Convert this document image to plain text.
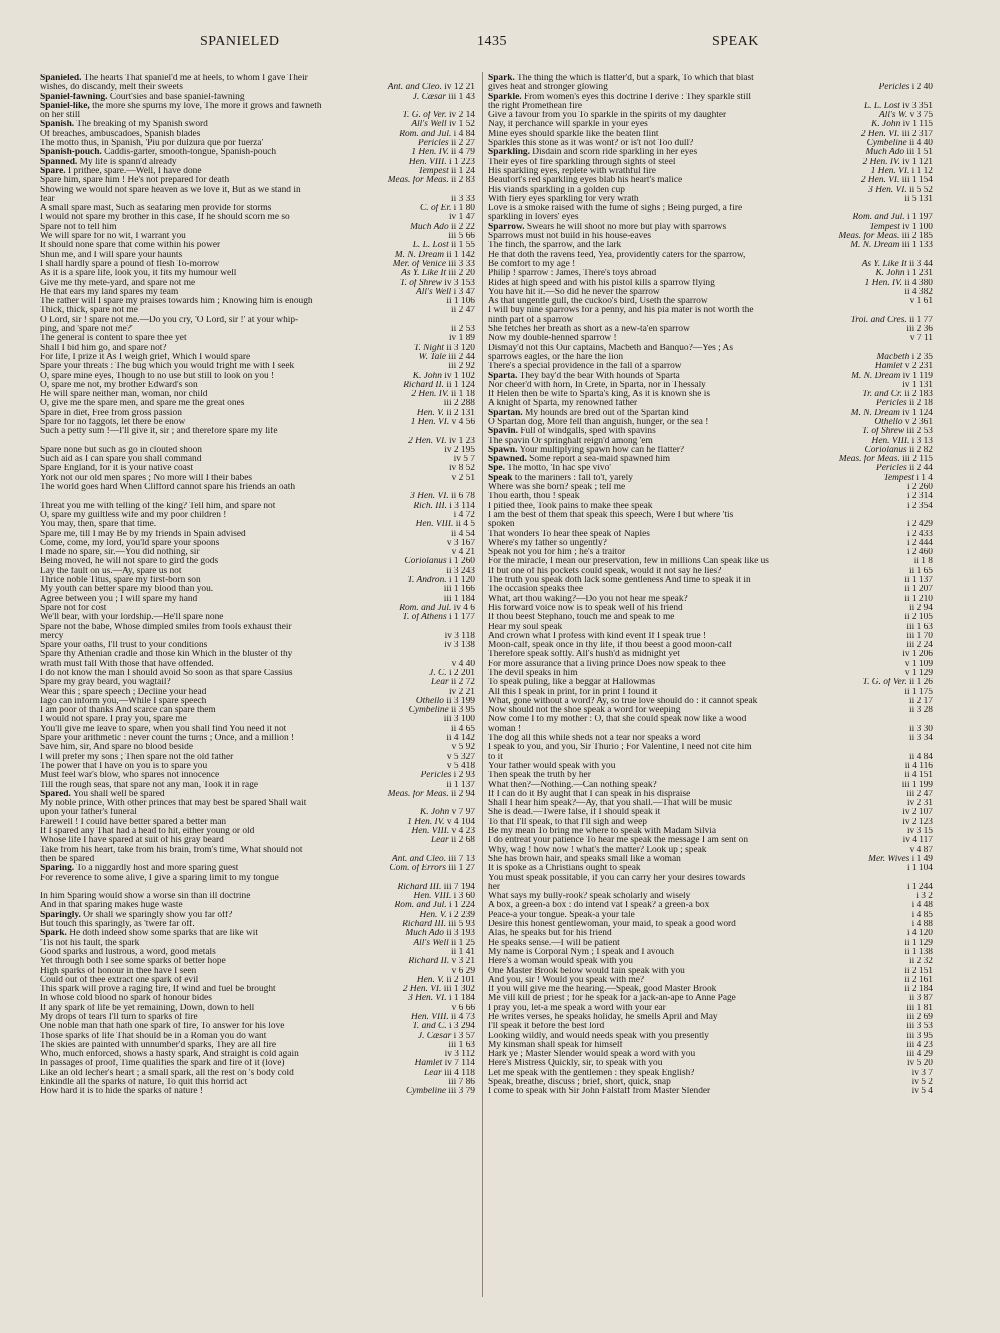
SPANIELED	1435	SPEAK
Spanieled. The hearts That spaniel'd me at heels, to whom I gave Their
wishes, do discandy, melt their sweets	Ant. and Cleo. iv 12 21
Spaniel-fawning. Court'sies and base spaniel-fawning	J. Cæsar iii 1 43
Spaniel-like, the more she spurns my love, The more it grows and fawneth
on her still	T. G. of Ver. iv 2 14
Spanish. The breaking of my Spanish sword	All's Well iv 1 52
Of breaches, ambuscadoes, Spanish blades	Rom. and Jul. i 4 84
The motto thus, in Spanish, 'Piu por dulzura que por fuerza'	Pericles ii 2 27
Spanish-pouch. Caddis-garter, smooth-tongue, Spanish-pouch	1 Hen. IV. ii 4 79
Spanned. My life is spann'd already	Hen. VIII. i 1 223
Spare. I prithee, spare.—Well, I have done	Tempest ii 1 24
Spare him, spare him ! He's not prepared for death	Meas. for Meas. ii 2 83
Showing we would not spare heaven as we love it, But as we stand in
fear	ii 3 33
A small spare mast, Such as seafaring men provide for storms	C. of Er. i 1 80
I would not spare my brother in this case, If he should scorn me so	iv 1 47
Spare not to tell him	Much Ado ii 2 22
We will spare for no wit, I warrant you	iii 5 66
It should none spare that come within his power	L. L. Lost ii 1 55
Shun me, and I will spare your haunts	M. N. Dream ii 1 142
I shall hardly spare a pound of flesh To-morrow	Mer. of Venice iii 3 33
As it is a spare life, look you, it fits my humour well	As Y. Like It iii 2 20
Give me thy mete-yard, and spare not me	T. of Shrew iv 3 153
He that ears my land spares my team	All's Well i 3 47
The rather will I spare my praises towards him ; Knowing him is enough	ii 1 106
Thick, thick, spare not me	ii 2 47
O Lord, sir ! spare not me.—Do you cry, 'O Lord, sir !' at your whip-
ping, and 'spare not me?'	ii 2 53
The general is content to spare thee yet	iv 1 89
Shall I bid him go, and spare not?	T. Night ii 3 120
For life, I prize it As I weigh grief, Which I would spare	W. Tale iii 2 44
Spare your threats : The bug which you would fright me with I seek	iii 2 92
O, spare mine eyes, Though to no use but still to look on you !	K. John iv 1 102
O, spare me not, my brother Edward's son	Richard II. ii 1 124
He will spare neither man, woman, nor child	2 Hen. IV. ii 1 18
O, give me the spare men, and spare me the great ones	iii 2 288
Spare in diet, Free from gross passion	Hen. V. ii 2 131
Spare for no faggots, let there be enow	1 Hen. VI. v 4 56
Such a petty sum !—I'll give it, sir ; and therefore spare my life
2 Hen. VI. iv 1 23
Spare none but such as go in clouted shoon	iv 2 195
Such aid as I can spare you shall command	iv 5 7
Spare England, for it is your native coast	iv 8 52
York not our old men spares ; No more will I their babes	v 2 51
The world goes hard When Clifford cannot spare his friends an oath
3 Hen. VI. ii 6 78
Threat you me with telling of the king? Tell him, and spare not	Rich. III. i 3 114
O, spare my guiltless wife and my poor children !	i 4 72
You may, then, spare that time.	Hen. VIII. ii 4 5
Spare me, till I may Be by my friends in Spain advised	ii 4 54
Come, come, my lord, you'ld spare your spoons	v 3 167
I made no spare, sir.—You did nothing, sir	v 4 21
Being moved, he will not spare to gird the gods	Coriolanus i 1 260
Lay the fault on us.—Ay, spare us not	ii 3 243
Thrice noble Titus, spare my first-born son	T. Andron. i 1 120
My youth can better spare my blood than you.	iii 1 166
Agree between you ; I will spare my hand	iii 1 184
Spare not for cost	Rom. and Jul. iv 4 6
We'll bear, with your lordship.—He'll spare none	T. of Athens i 1 177
Spare not the babe, Whose dimpled smiles from fools exhaust their
mercy	iv 3 118
Spare your oaths, I'll trust to your conditions	iv 3 138
Spare thy Athenian cradle and those kin Which in the bluster of thy
wrath must fall With those that have offended.	v 4 40
I do not know the man I should avoid So soon as that spare Cassius	J. C. i 2 201
Spare my gray beard, you wagtail?	Lear ii 2 72
Wear this ; spare speech ; Decline your head	iv 2 21
Iago can inform you,—While I spare speech	Othello ii 3 199
I am poor of thanks And scarce can spare them	Cymbeline ii 3 95
I would not spare. I pray you, spare me	iii 3 100
You'll give me leave to spare, when you shall find You need it not	ii 4 65
Spare your arithmetic : never count the turns ; Once, and a million !	ii 4 142
Save him, sir, And spare no blood beside	v 5 92
I will prefer my sons ; Then spare not the old father	v 5 327
The power that I have on you is to spare you	v 5 418
Must feel war's blow, who spares not innocence	Pericles i 2 93
Till the rough seas, that spare not any man, Took it in rage	ii 1 137
Spared. You shall well be spared	Meas. for Meas. ii 2 94
My noble prince, With other princes that may best be spared Shall wait
upon your father's funeral	K. John v 7 97
Farewell ! I could have better spared a better man	1 Hen. IV. v 4 104
If I spared any That had a head to hit, either young or old	Hen. VIII. v 4 23
Whose life I have spared at suit of his gray beard	Lear ii 2 68
Take from his heart, take from his brain, from's time, What should not
then be spared	Ant. and Cleo. iii 7 13
Sparing. To a niggardly host and more sparing guest	Com. of Errors iii 1 27
For reverence to some alive, I give a sparing limit to my tongue
Richard III. iii 7 194
In him Sparing would show a worse sin than ill doctrine	Hen. VIII. i 3 60
And in that sparing makes huge waste	Rom. and Jul. i 1 224
Sparingly. Or shall we sparingly show you far off?	Hen. V. i 2 239
But touch this sparingly, as 'twere far off.	Richard III. iii 5 93
Spark. He doth indeed show some sparks that are like wit	Much Ado ii 3 193
'Tis not his fault, the spark	All's Well ii 1 25
Good sparks and lustrous, a word, good metals	ii 1 41
Yet through both I see some sparks of better hope	Richard II. v 3 21
High sparks of honour in thee have I seen	v 6 29
Could out of thee extract one spark of evil	Hen. V. ii 2 101
This spark will prove a raging fire, If wind and fuel be brought	2 Hen. VI. iii 1 302
In whose cold blood no spark of honour bides	3 Hen. VI. i 1 184
If any spark of life be yet remaining, Down, down to hell	v 6 66
My drops of tears I'll turn to sparks of fire	Hen. VIII. ii 4 73
One noble man that hath one spark of fire, To answer for his love	T. and C. i 3 294
Those sparks of life That should be in a Roman you do want	J. Cæsar i 3 57
The skies are painted with unnumber'd sparks, They are all fire	iii 1 63
Who, much enforced, shows a hasty spark, And straight is cold again	iv 3 112
In passages of proof, Time qualifies the spark and fire of it (love)	Hamlet iv 7 114
Like an old lecher's heart ; a small spark, all the rest on 's body cold	Lear iii 4 118
Enkindle all the sparks of nature, To quit this horrid act	iii 7 86
How hard it is to hide the sparks of nature !	Cymbeline iii 3 79
Spark. The thing the which is flatter'd, but a spark, To which that blast
gives heat and stronger glowing	Pericles i 2 40
Sparkle. From women's eyes this doctrine I derive : They sparkle still
the right Promethean fire	L. L. Lost iv 3 351
Give a favour from you To sparkle in the spirits of my daughter	All's W. v 3 75
Nay, it perchance will sparkle in your eyes	K. John iv 1 115
Mine eyes should sparkle like the beaten flint	2 Hen. VI. iii 2 317
Sparkles this stone as it was wont? or is't not Too dull?	Cymbeline ii 4 40
Sparkling. Disdain and scorn ride sparkling in her eyes	Much Ado iii 1 51
Their eyes of fire sparkling through sights of steel	2 Hen. IV. iv 1 121
His sparkling eyes, replete with wrathful fire	1 Hen. VI. i 1 12
Beaufort's red sparkling eyes blab his heart's malice	2 Hen. VI. iii 1 154
His viands sparkling in a golden cup	3 Hen. VI. ii 5 52
With fiery eyes sparkling for very wrath	ii 5 131
Love is a smoke raised with the fume of sighs ; Being purged, a fire
sparkling in lovers' eyes	Rom. and Jul. i 1 197
Sparrow. Swears he will shoot no more but play with sparrows	Tempest iv 1 100
Sparrows must not build in his house-eaves	Meas. for Meas. iii 2 185
The finch, the sparrow, and the lark	M. N. Dream iii 1 133
He that doth the ravens feed, Yea, providently caters for the sparrow,
Be comfort to my age !	As Y. Like It ii 3 44
Philip ! sparrow : James, There's toys abroad	K. John i 1 231
Rides at high speed and with his pistol kills a sparrow flying	1 Hen. IV. ii 4 380
You have hit it.—So did he never the sparrow	ii 4 382
As that ungentle gull, the cuckoo's bird, Useth the sparrow	v 1 61
I will buy nine sparrows for a penny, and his pia mater is not worth the
ninth part of a sparrow	Troi. and Cres. ii 1 77
She fetches her breath as short as a new-ta'en sparrow	iii 2 36
Now my double-henned sparrow !	v 7 11
Dismay'd not this Our captains, Macbeth and Banquo?—Yes ; As
sparrows eagles, or the hare the lion	Macbeth i 2 35
There's a special providence in the fall of a sparrow	Hamlet v 2 231
Sparta. They bay'd the bear With hounds of Sparta	M. N. Dream iv 1 119
Nor cheer'd with horn, In Crete, in Sparta, nor in Thessaly	iv 1 131
If Helen then be wife to Sparta's king, As it is known she is	Tr. and Cr. ii 2 183
A knight of Sparta, my renowned father	Pericles ii 2 18
Spartan. My hounds are bred out of the Spartan kind	M. N. Dream iv 1 124
O Spartan dog, More fell than anguish, hunger, or the sea !	Othello v 2 361
Spavin. Full of windgalls, sped with spavins	T. of Shrew iii 2 53
The spavin Or springhalt reign'd among 'em	Hen. VIII. i 3 13
Spawn. Your multiplying spawn how can he flatter?	Coriolanus ii 2 82
Spawned. Some report a sea-maid spawned him	Meas. for Meas. iii 2 115
Spe. The motto, 'In hac spe vivo'	Pericles ii 2 44
Speak to the mariners : fall to't, yarely	Tempest i 1 4
Where was she born? speak ; tell me	i 2 260
Thou earth, thou ! speak	i 2 314
I pitied thee, Took pains to make thee speak	i 2 354
I am the best of them that speak this speech, Were I but where 'tis
spoken	i 2 429
That wonders To hear thee speak of Naples	i 2 433
Where's my father so ungently?	i 2 444
Speak not you for him ; he's a traitor	i 2 460
For the miracle, I mean our preservation, few in millions Can speak like us	ii 1 8
If but one of his pockets could speak, would it not say he lies?	ii 1 65
The truth you speak doth lack some gentleness And time to speak it in	ii 1 137
The occasion speaks thee	ii 1 207
What, art thou waking?—Do you not hear me speak?	ii 1 210
His forward voice now is to speak well of his friend	ii 2 94
If thou beest Stephano, touch me and speak to me	ii 2 105
Hear my soul speak	iii 1 63
And crown what I profess with kind event If I speak true !	iii 1 70
Moon-calf, speak once in thy life, if thou beest a good moon-calf	iii 2 24
Therefore speak softly. All's hush'd as midnight yet	iv 1 206
For more assurance that a living prince Does now speak to thee	v 1 109
The devil speaks in him	v 1 129
To speak puling, like a beggar at Hallowmas	T. G. of Ver. ii 1 26
All this I speak in print, for in print I found it	ii 1 175
What, gone without a word? Ay, so true love should do : it cannot speak	ii 2 17
Now should not the shoe speak a word for weeping	ii 3 28
Now come I to my mother : O, that she could speak now like a wood
woman !	ii 3 30
The dog all this while sheds not a tear nor speaks a word	ii 3 34
I speak to you, and you, Sir Thurio ; For Valentine, I need not cite him
to it	ii 4 84
Your father would speak with you	ii 4 116
Then speak the truth by her	ii 4 151
What then?—Nothing.—Can nothing speak?	iii 1 199
If I can do it By aught that I can speak in his dispraise	iii 2 47
Shall I hear him speak?—Ay, that you shall.—That will be music	iv 2 31
She is dead.—Twere false, if I should speak it	iv 2 107
To that I'll speak, to that I'll sigh and weep	iv 2 123
Be my mean To bring me where to speak with Madam Silvia	iv 3 15
I do entreat your patience To hear me speak the message I am sent on	iv 4 117
Why, wag ! how now ! what's the matter? Look up ; speak	v 4 87
She has brown hair, and speaks small like a woman	Mer. Wives i 1 49
It is spoke as a Christians ought to speak	i 1 104
You must speak possitable, if you can carry her your desires towards
her	i 1 244
What says my bully-rook? speak scholarly and wisely	i 3 2
A box, a green-a box : do intend vat I speak? a green-a box	i 4 48
Peace-a your tongue. Speak-a your tale	i 4 85
Desire this honest gentlewoman, your maid, to speak a good word	i 4 88
Alas, he speaks but for his friend	i 4 120
He speaks sense.—I will be patient	ii 1 129
My name is Corporal Nym ; I speak and I avouch	ii 1 138
Here's a woman would speak with you	ii 2 32
One Master Brook below would fain speak with you	ii 2 151
And you, sir ! Would you speak with me?	ii 2 161
If you will give me the hearing.—Speak, good Master Brook	ii 2 184
Me vill kill de priest ; for he speak for a jack-an-ape to Anne Page	ii 3 87
I pray you, let-a me speak a word with your ear	iii 1 81
He writes verses, he speaks holiday, he smells April and May	iii 2 69
I'll speak it before the best lord	iii 3 53
Looking wildly, and would needs speak with you presently	iii 3 95
My kinsman shall speak for himself	iii 4 23
Hark ye ; Master Slender would speak a word with you	iii 4 29
Here's Mistress Quickly, sir, to speak with you	iv 5 20
Let me speak with the gentlemen : they speak English?	iv 3 7
Speak, breathe, discuss ; brief, short, quick, snap	iv 5 2
I come to speak with Sir John Falstaff from Master Slender	iv 5 4
